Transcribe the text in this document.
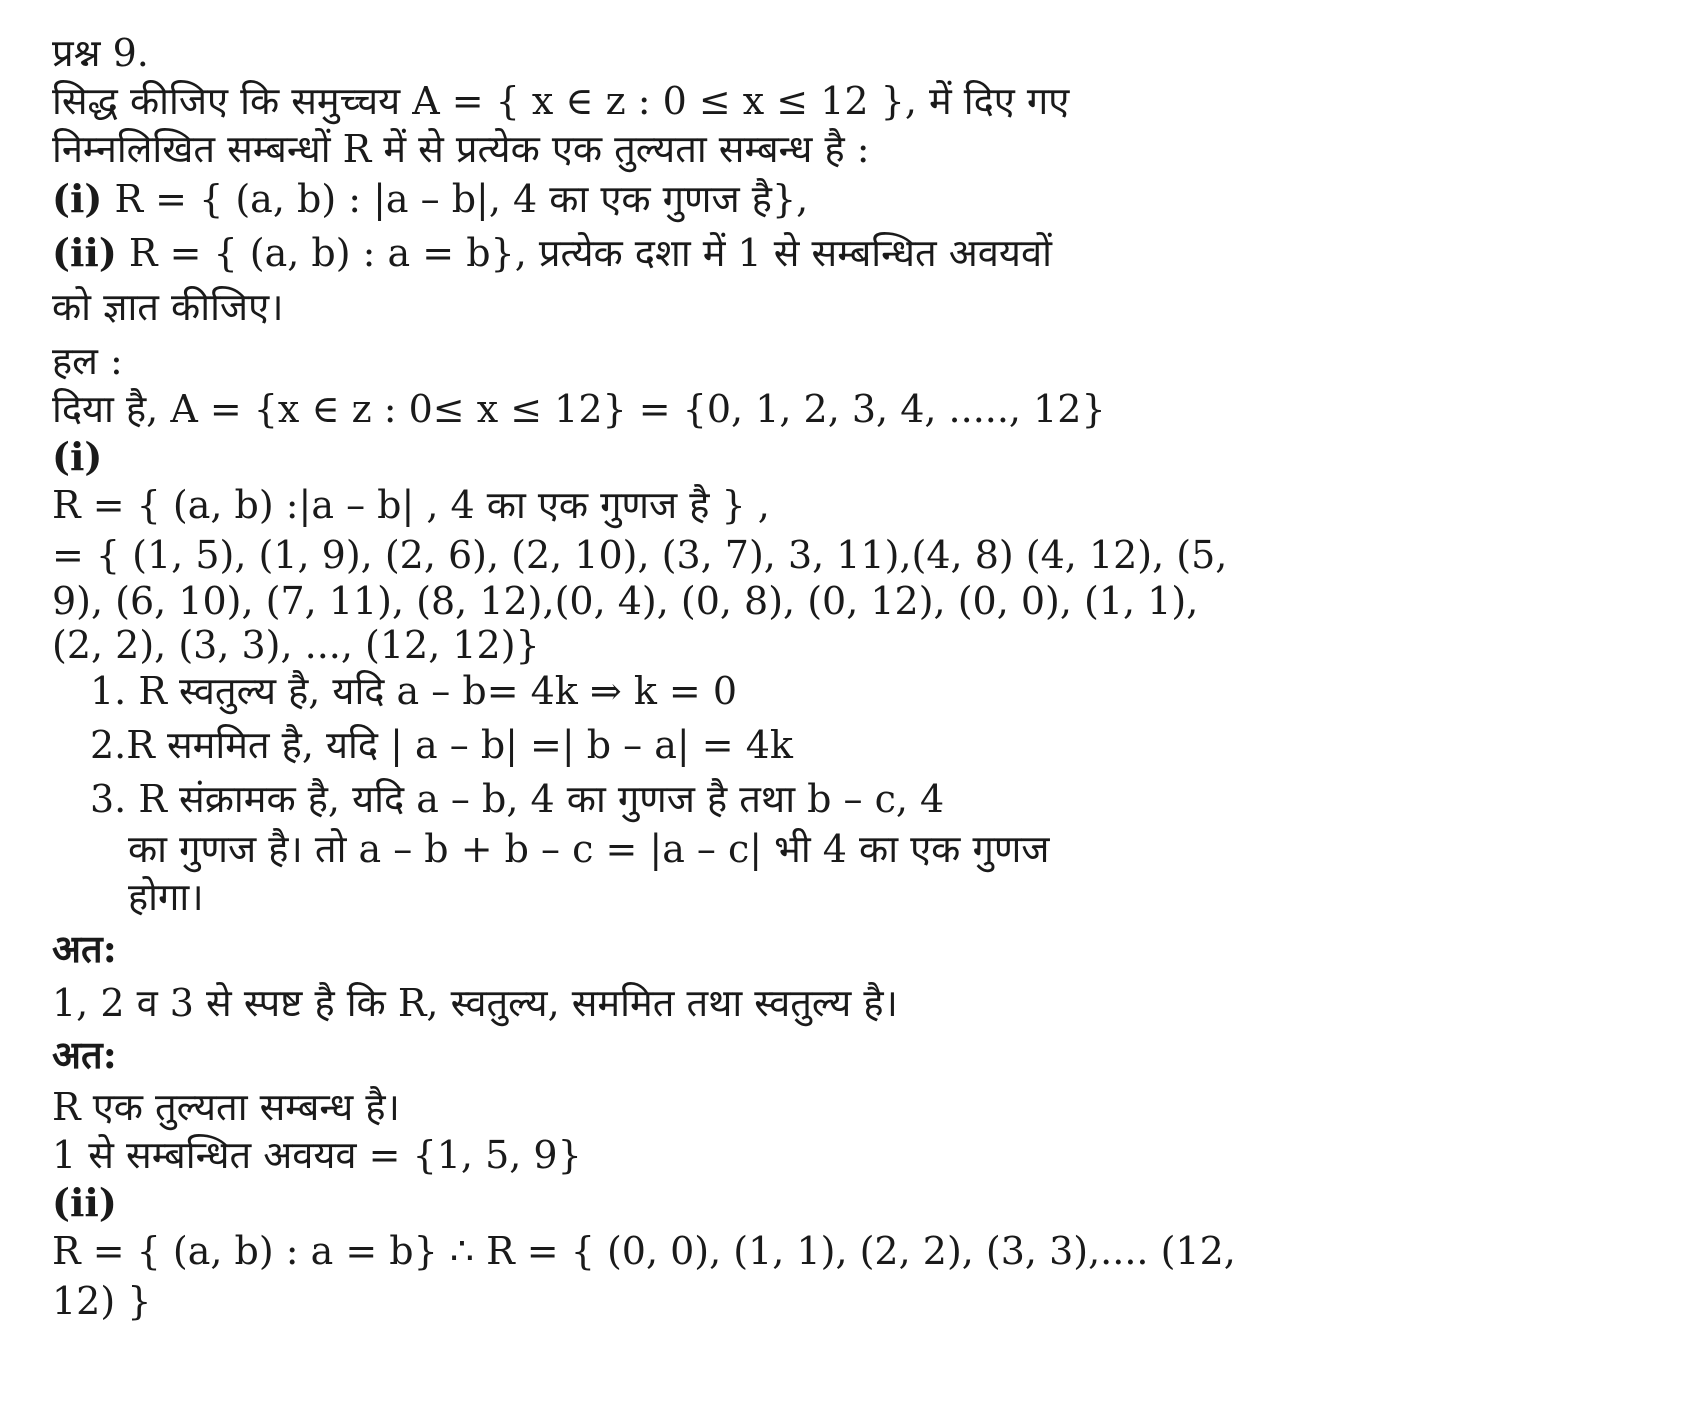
प्रश्न 9.
सिद्ध कीजिए कि समुच्चय A = { x ∈ z : 0 ≤ x ≤ 12 }, में दिए गए
निम्नलिखित सम्बन्धों R में से प्रत्येक एक तुल्यता सम्बन्ध है :
(i) R = { (a, b) : |a – b|, 4 का एक गुणज है},
(ii) R = { (a, b) : a = b}, प्रत्येक दशा में 1 से सम्बन्धित अवयवों
को ज्ञात कीजिए।
हल :
दिया है, A = {x ∈ z : 0≤ x ≤ 12} = {0, 1, 2, 3, 4, ....., 12}
(i)
R = { (a, b) :|a – b| , 4 का एक गुणज है } ,
= { (1, 5), (1, 9), (2, 6), (2, 10), (3, 7), 3, 11),(4, 8) (4, 12), (5,
9), (6, 10), (7, 11), (8, 12),(0, 4), (0, 8), (0, 12), (0, 0), (1, 1),
(2, 2), (3, 3), ..., (12, 12)}
1. R स्वतुल्य है, यदि a – b= 4k ⇒ k = 0
2.R सममित है, यदि | a – b| =| b – a| = 4k
3. R संक्रामक है, यदि a – b, 4 का गुणज है तथा b – c, 4
का गुणज है। तो a – b + b – c = |a – c| भी 4 का एक गुणज
होगा।
अत:
1, 2 व 3 से स्पष्ट है कि R, स्वतुल्य, सममित तथा स्वतुल्य है।
अत:
R एक तुल्यता सम्बन्ध है।
1 से सम्बन्धित अवयव = {1, 5, 9}
(ii)
R = { (a, b) : a = b} ∴ R = { (0, 0), (1, 1), (2, 2), (3, 3),.... (12,
12) }
